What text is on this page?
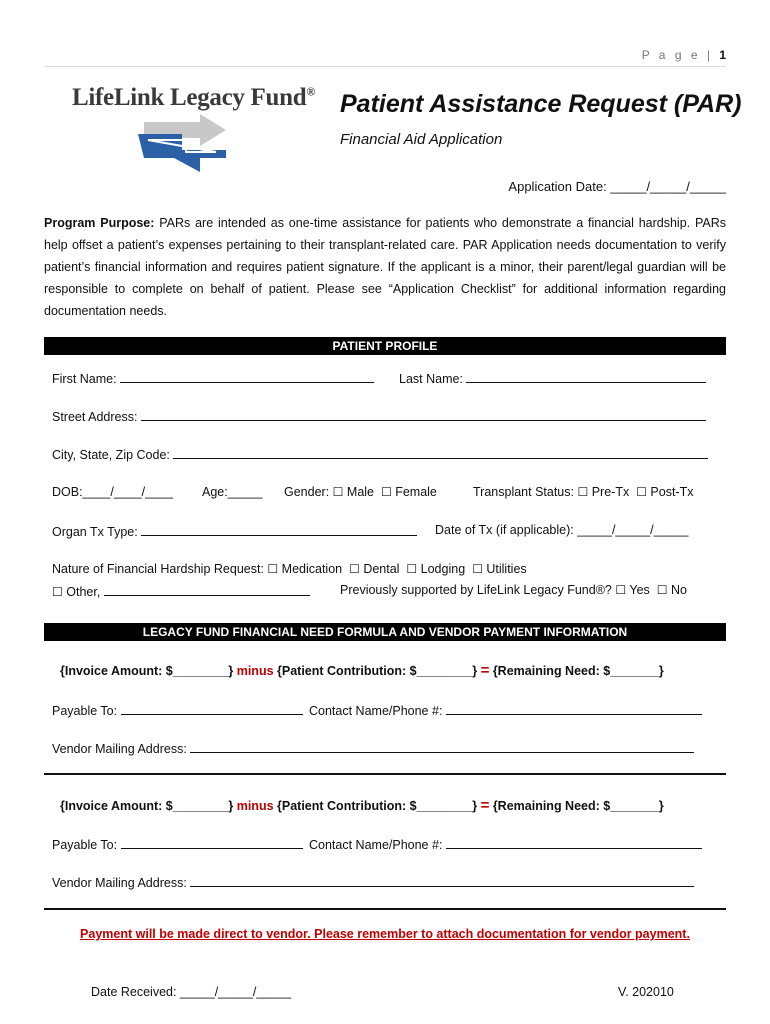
P a g e | 1
LifeLink Legacy Fund® Patient Assistance Request (PAR)
Financial Aid Application
Application Date: _____/_____/_____
Program Purpose: PARs are intended as one-time assistance for patients who demonstrate a financial hardship. PARs help offset a patient’s expenses pertaining to their transplant-related care. PAR Application needs documentation to verify patient’s financial information and requires patient signature. If the applicant is a minor, their parent/legal guardian will be responsible to complete on behalf of patient. Please see “Application Checklist” for additional information regarding documentation needs.
PATIENT PROFILE
First Name:	Last Name:
Street Address:
City, State, Zip Code:
DOB:____/____/____ Age:_____ Gender: ☐ Male ☐ Female	Transplant Status: ☐ Pre-Tx ☐ Post-Tx
Organ Tx Type:	Date of Tx (if applicable): _____/_____/_____
Nature of Financial Hardship Request: ☐ Medication ☐ Dental ☐ Lodging ☐ Utilities
☐ Other,	Previously supported by LifeLink Legacy Fund®? ☐ Yes ☐ No
LEGACY FUND FINANCIAL NEED FORMULA AND VENDOR PAYMENT INFORMATION
{Invoice Amount: $________} minus {Patient Contribution: $________} = {Remaining Need: $_______}
Payable To:	Contact Name/Phone #:
Vendor Mailing Address:
{Invoice Amount: $________} minus {Patient Contribution: $________} = {Remaining Need: $_______}
Payable To:	Contact Name/Phone #:
Vendor Mailing Address:
Payment will be made direct to vendor. Please remember to attach documentation for vendor payment.
Date Received: _____/_____/_____	V. 202010
